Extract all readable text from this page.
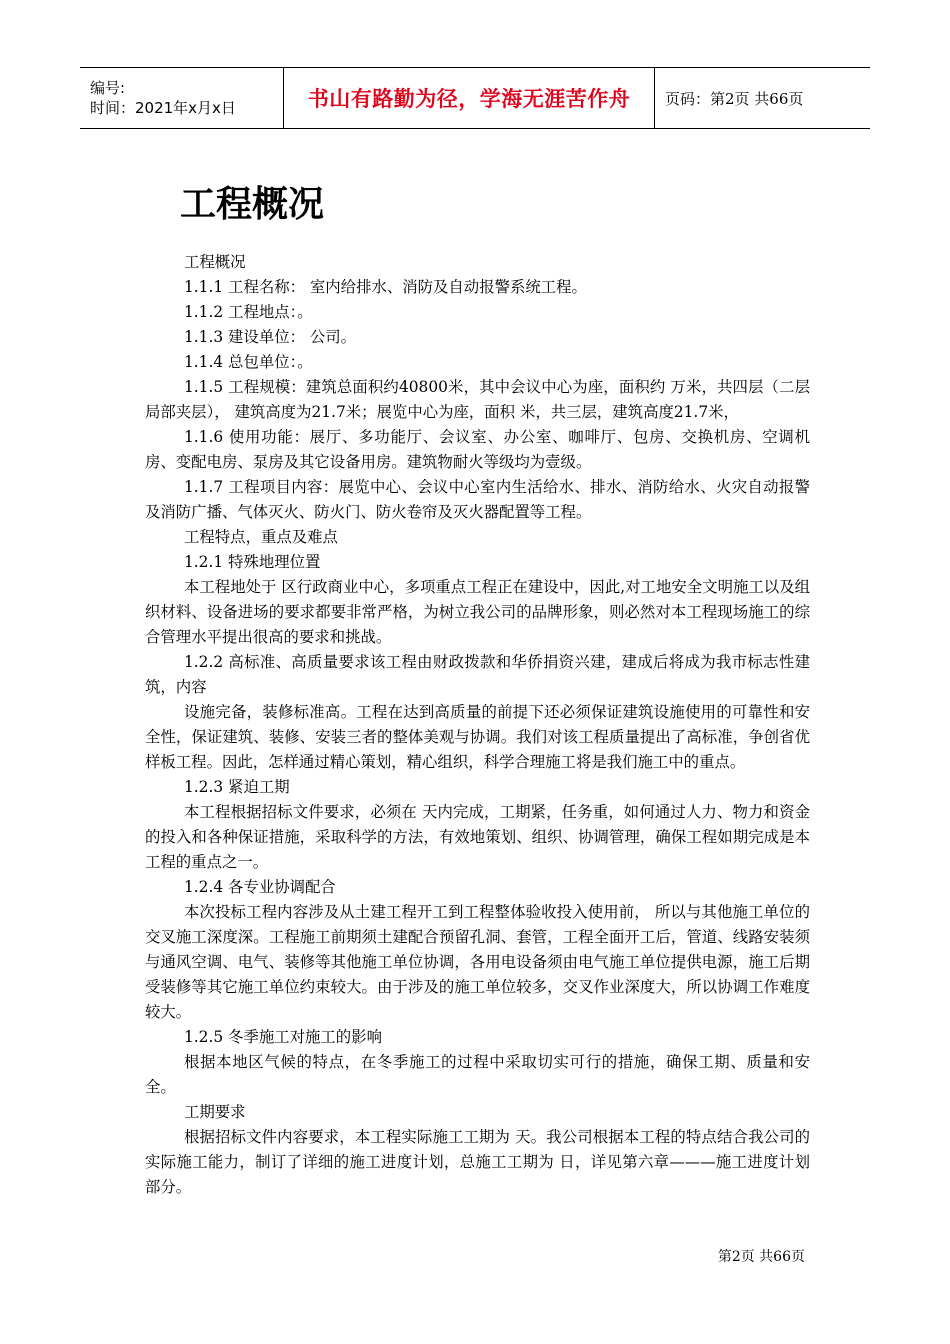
编号:
时间：2021年x月x日	书山有路勤为径，学海无涯苦作舟 页码：第2页 共66页
工程概况

工程概况

1.1.1 工程名称： 室内给排水、消防及自动报警系统工程。

1.1.2 工程地点：。

1.1.3 建设单位： 公司。

1.1.4 总包单位：。

1.1.5 工程规模：建筑总面积约40800米，其中会议中心为座，面积约 万米，共四层（二层局部夹层）， 建筑高度为21.7米；展览中心为座，面积 米，共三层，建筑高度21.7米，

1.1.6 使用功能：展厅、多功能厅、会议室、办公室、咖啡厅、包房、交换机房、空调机房、变配电房、泵房及其它设备用房。建筑物耐火等级均为壹级。

1.1.7 工程项目内容：展览中心、会议中心室内生活给水、排水、消防给水、火灾自动报警及消防广播、气体灭火、防火门、防火卷帘及灭火器配置等工程。

工程特点，重点及难点

1.2.1 特殊地理位置

本工程地处于 区行政商业中心，多项重点工程正在建设中，因此,对工地安全文明施工以及组织材料、设备进场的要求都要非常严格，为树立我公司的品牌形象，则必然对本工程现场施工的综合管理水平提出很高的要求和挑战。

1.2.2 高标准、高质量要求该工程由财政拨款和华侨捐资兴建，建成后将成为我市标志性建筑，内容

设施完备，装修标准高。工程在达到高质量的前提下还必须保证建筑设施使用的可靠性和安全性，保证建筑、装修、安装三者的整体美观与协调。我们对该工程质量提出了高标准，争创省优样板工程。因此，怎样通过精心策划，精心组织，科学合理施工将是我们施工中的重点。

1.2.3 紧迫工期

本工程根据招标文件要求，必须在 天内完成，工期紧，任务重，如何通过人力、物力和资金的投入和各种保证措施，采取科学的方法，有效地策划、组织、协调管理，确保工程如期完成是本工程的重点之一。

1.2.4 各专业协调配合

本次投标工程内容涉及从土建工程开工到工程整体验收投入使用前， 所以与其他施工单位的交叉施工深度深。工程施工前期须土建配合预留孔洞、套管，工程全面开工后，管道、线路安装须与通风空调、电气、装修等其他施工单位协调，各用电设备须由电气施工单位提供电源，施工后期受装修等其它施工单位约束较大。由于涉及的施工单位较多，交叉作业深度大，所以协调工作难度较大。

1.2.5 冬季施工对施工的影响

根据本地区气候的特点，在冬季施工的过程中采取切实可行的措施，确保工期、质量和安全。

工期要求

根据招标文件内容要求，本工程实际施工工期为 天。我公司根据本工程的特点结合我公司的实际施工能力，制订了详细的施工进度计划，总施工工期为 日，详见第六章———施工进度计划部分。

第2页 共66页
